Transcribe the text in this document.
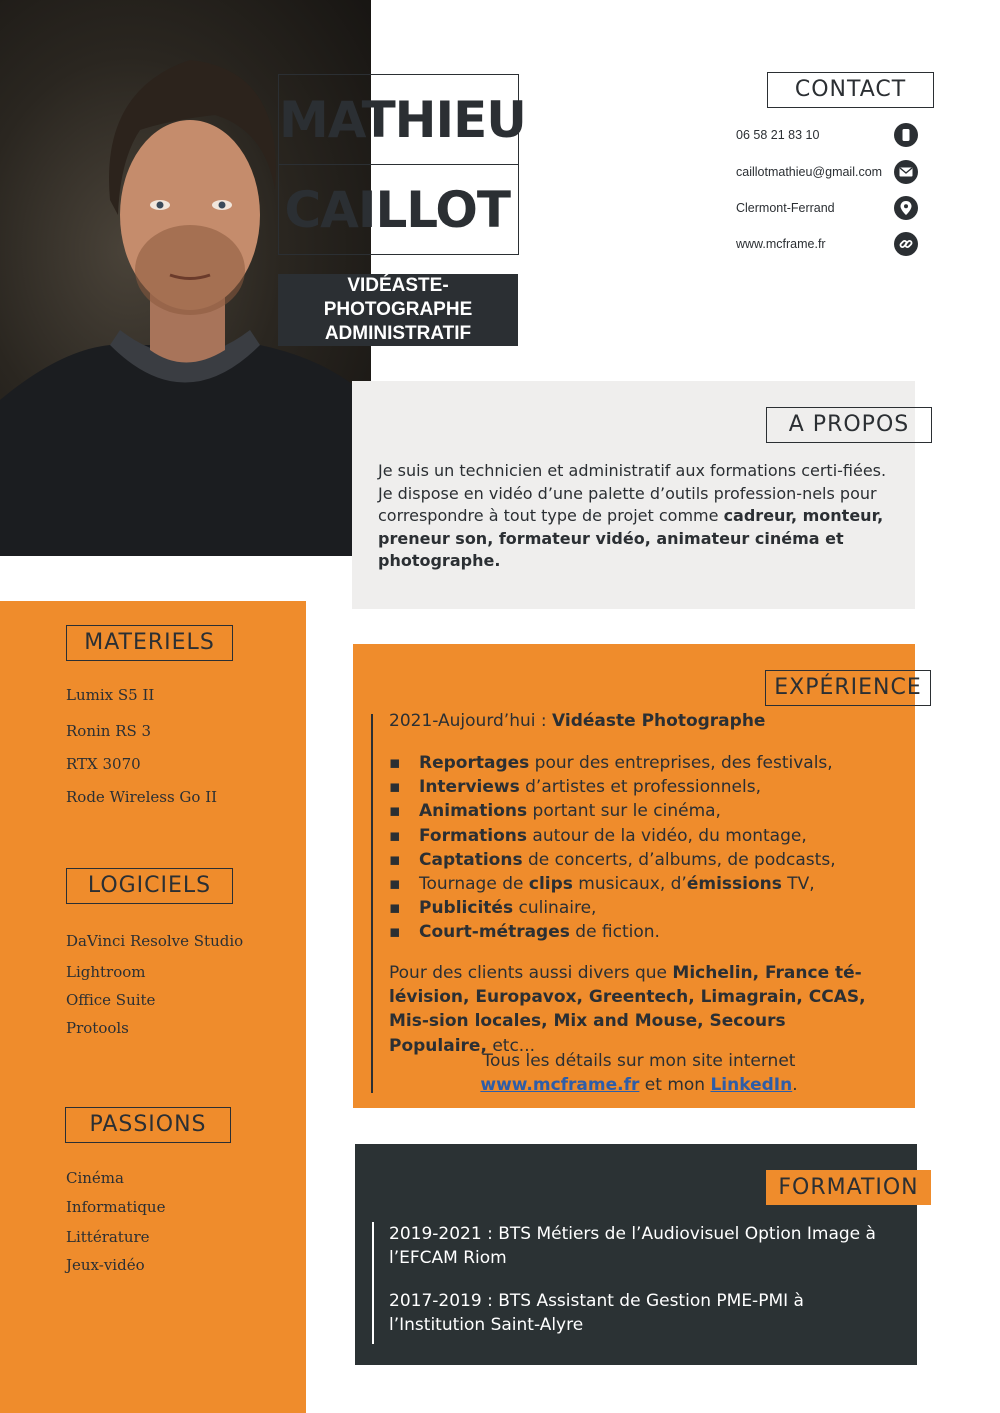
MATHIEU
CAILLOT
VIDÉASTE-PHOTOGRAPHE
ADMINISTRATIF
CONTACT
06 58 21 83 10
caillotmathieu@gmail.com
Clermont-Ferrand
www.mcframe.fr
A PROPOS
Je suis un technicien et administratif aux formations certi-fiées. Je dispose en vidéo d’une palette d’outils profession-nels pour correspondre à tout type de projet comme cadreur, monteur, preneur son, formateur vidéo, animateur cinéma et photographe.
MATERIELS
Lumix S5 II
Ronin RS 3
RTX 3070
Rode Wireless Go II
LOGICIELS
DaVinci Resolve Studio
Lightroom
Office Suite
Protools
PASSIONS
Cinéma
Informatique
Littérature
Jeux-vidéo
EXPÉRIENCE
2021-Aujourd’hui : Vidéaste Photographe
▪ Reportages pour des entreprises, des festivals,
▪ Interviews d’artistes et professionnels,
▪ Animations portant sur le cinéma,
▪ Formations autour de la vidéo, du montage,
▪ Captations de concerts, d’albums, de podcasts,
▪ Tournage de clips musicaux, d’émissions TV,
▪ Publicités culinaire,
▪ Court-métrages de fiction.
Pour des clients aussi divers que Michelin, France té-lévision, Europavox, Greentech, Limagrain, CCAS, Mis-sion locales, Mix and Mouse, Secours Populaire, etc...
Tous les détails sur mon site internet
www.mcframe.fr et mon LinkedIn.
FORMATION
2019-2021 : BTS Métiers de l’Audiovisuel Option Image à l’EFCAM Riom
2017-2019 : BTS Assistant de Gestion PME-PMI à l’Institution Saint-Alyre
